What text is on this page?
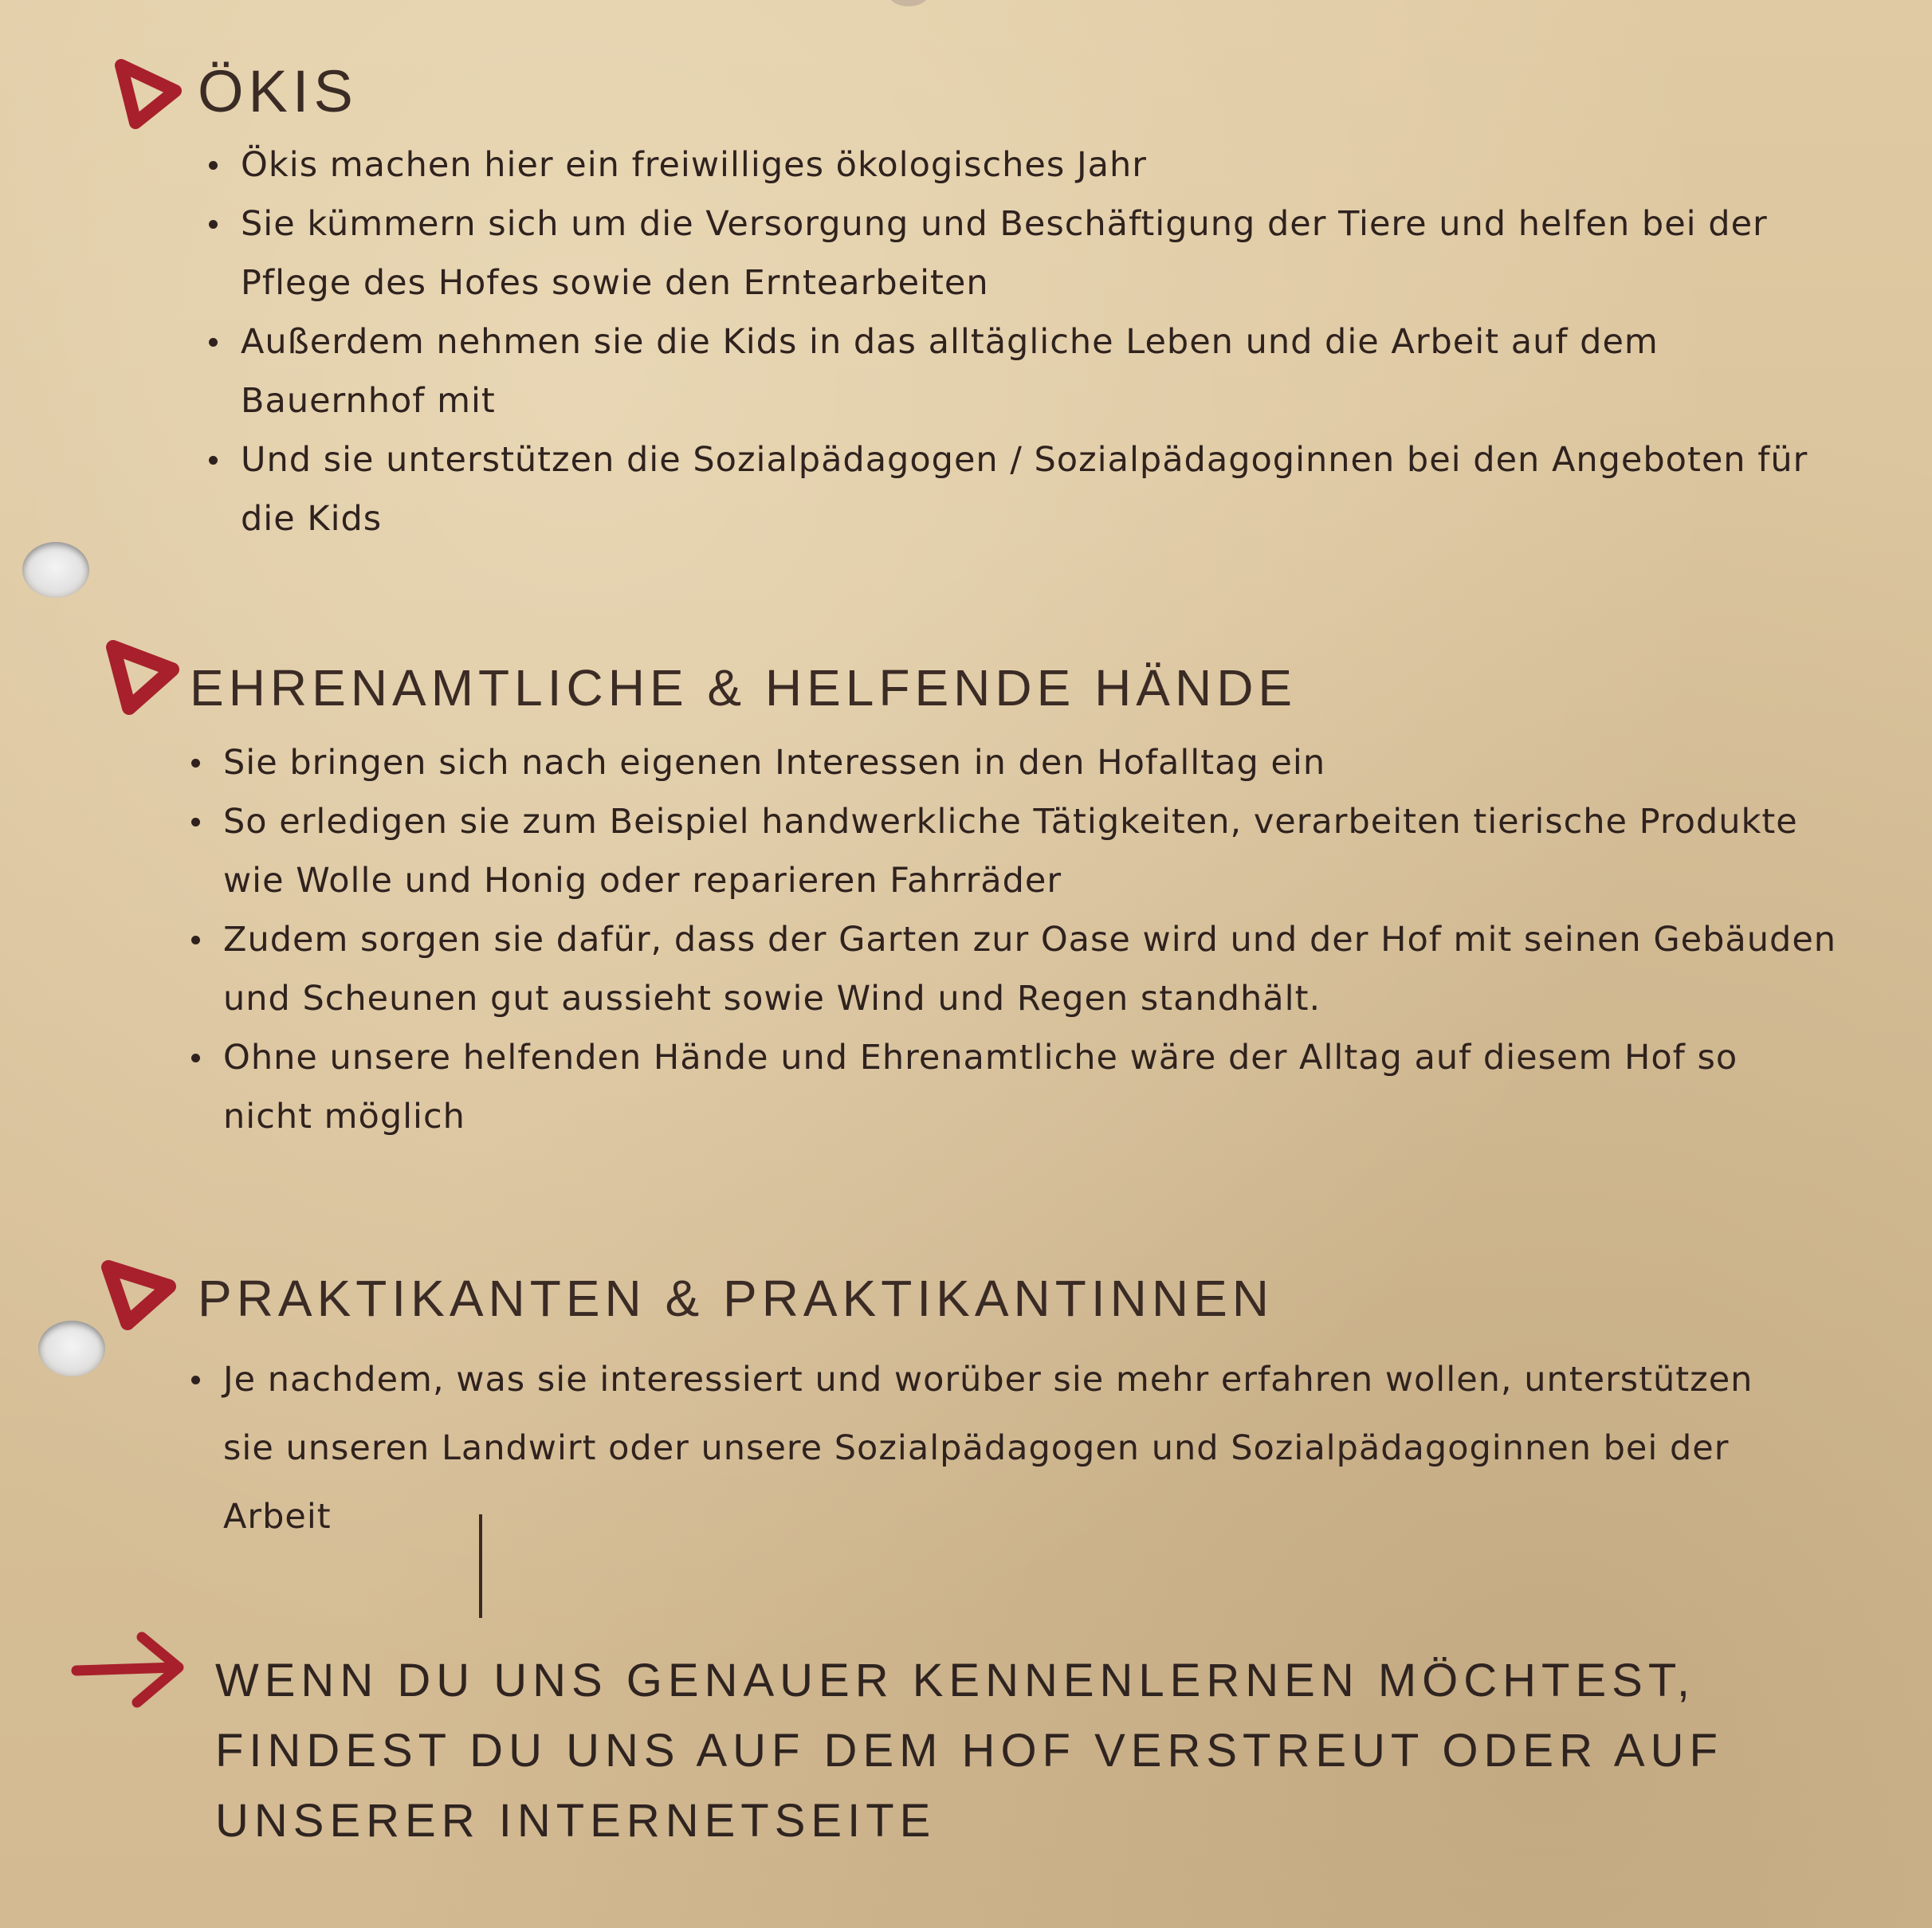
ÖKIS
Ökis machen hier ein freiwilliges ökologisches Jahr
Sie kümmern sich um die Versorgung und Beschäftigung der Tiere und helfen bei der Pflege des Hofes sowie den Erntearbeiten
Außerdem nehmen sie die Kids in das alltägliche Leben und die Arbeit auf dem Bauernhof mit
Und sie unterstützen die Sozialpädagogen / Sozialpädagoginnen bei den Angeboten für die Kids
EHRENAMTLICHE & HELFENDE HÄNDE
Sie bringen sich nach eigenen Interessen in den Hofalltag ein
So erledigen sie zum Beispiel handwerkliche Tätigkeiten, verarbeiten tierische Produkte wie Wolle und Honig oder reparieren Fahrräder
Zudem sorgen sie dafür, dass der Garten zur Oase wird und der Hof mit seinen Gebäuden und Scheunen gut aussieht sowie Wind und Regen standhält.
Ohne unsere helfenden Hände und Ehrenamtliche wäre der Alltag auf diesem Hof so nicht möglich
PRAKTIKANTEN & PRAKTIKANTINNEN
Je nachdem, was sie interessiert und worüber sie mehr erfahren wollen, unterstützen sie unseren Landwirt oder unsere Sozialpädagogen und Sozialpädagoginnen bei der Arbeit

WENN DU UNS GENAUER KENNENLERNEN MÖCHTEST, FINDEST DU UNS AUF DEM HOF VERSTREUT ODER AUF UNSERER INTERNETSEITE
